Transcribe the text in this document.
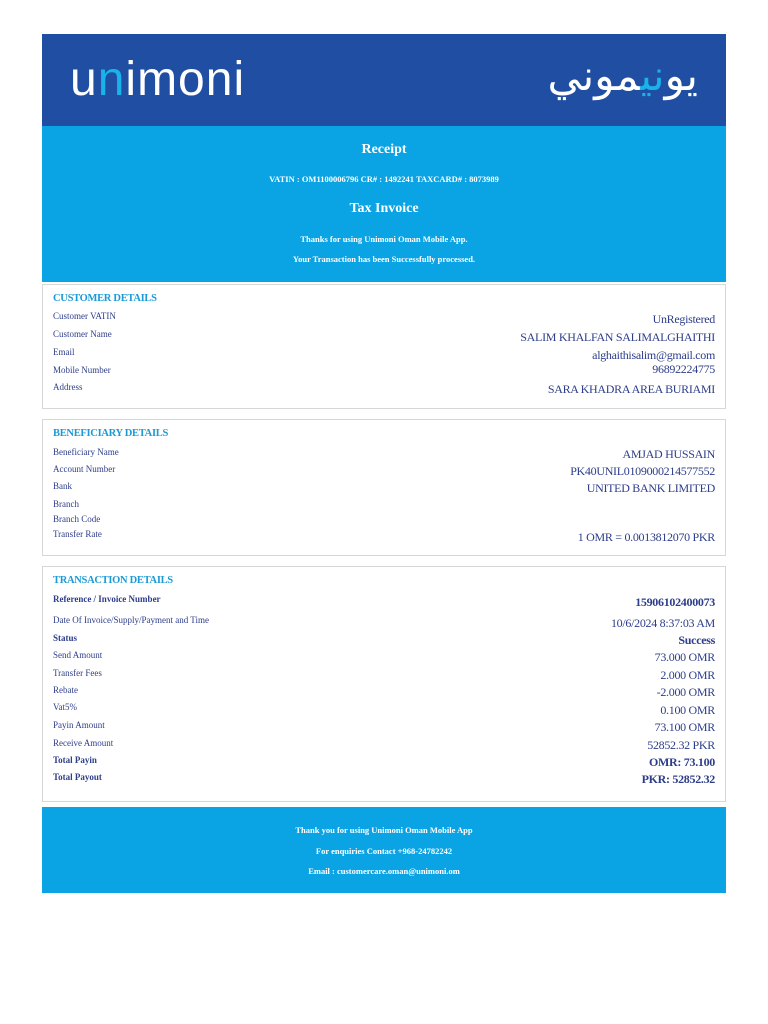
unimoni	يونيموني
Receipt
VATIN : OM1100006796 CR# : 1492241 TAXCARD# : 8073989
Tax Invoice
Thanks for using Unimoni Oman Mobile App.
Your Transaction has been Successfully processed.
CUSTOMER DETAILS
Customer VATIN	UnRegistered
Customer Name	SALIM KHALFAN SALIMALGHAITHI
Email	alghaithisalim@gmail.com
Mobile Number	96892224775
Address	SARA KHADRA AREA BURIAMI
BENEFICIARY DETAILS
Beneficiary Name	AMJAD HUSSAIN
Account Number	PK40UNIL0109000214577552
Bank	UNITED BANK LIMITED
Branch
Branch Code
Transfer Rate	1 OMR = 0.0013812070 PKR
TRANSACTION DETAILS
Reference / Invoice Number	15906102400073
Date Of Invoice/Supply/Payment and Time	10/6/2024 8:37:03 AM
Status	Success
Send Amount	73.000 OMR
Transfer Fees	2.000 OMR
Rebate	-2.000 OMR
Vat5%	0.100 OMR
Payin Amount	73.100 OMR
Receive Amount	52852.32 PKR
Total Payin	OMR: 73.100
Total Payout	PKR: 52852.32
Thank you for using Unimoni Oman Mobile App
For enquiries Contact +968-24782242
Email : customercare.oman@unimoni.om
